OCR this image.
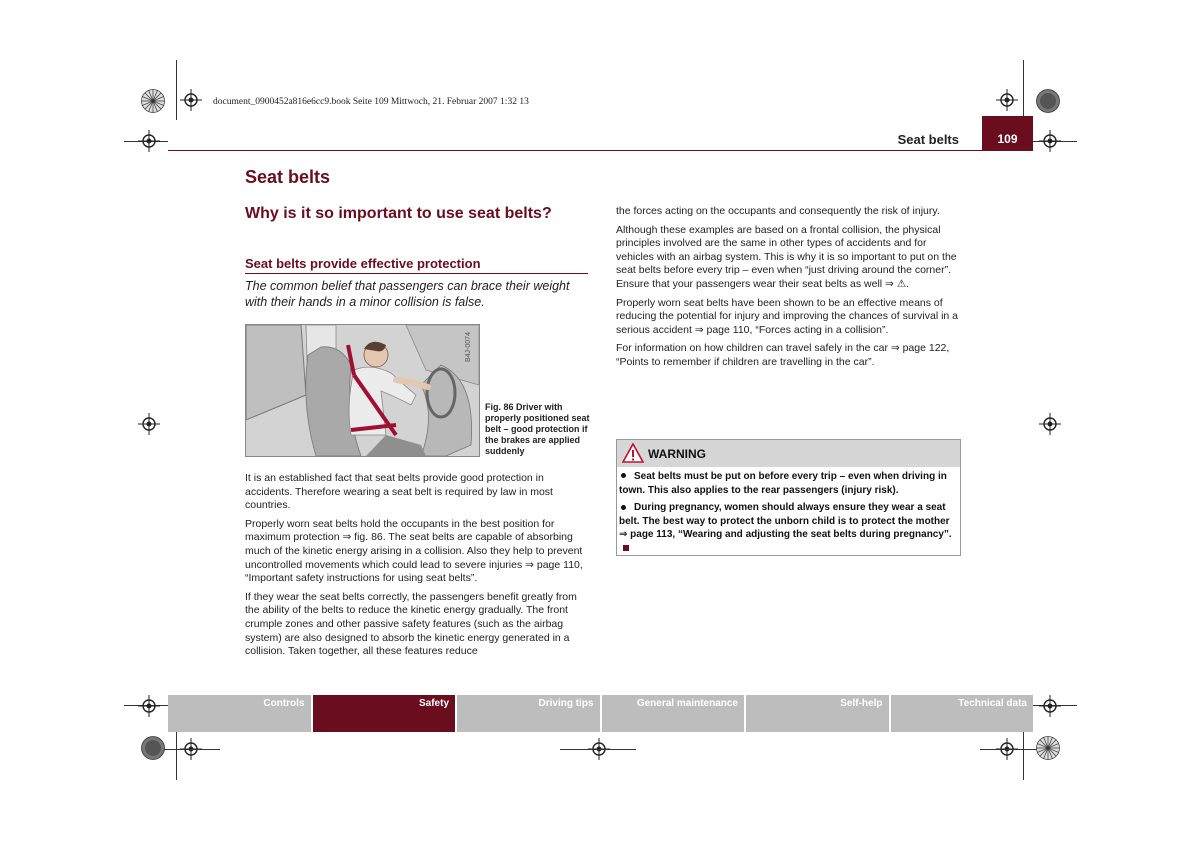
document_0900452a816e6cc9.book Seite 109 Mittwoch, 21. Februar 2007 1:32 13
Seat belts	109
Seat belts
Why is it so important to use seat belts?
Seat belts provide effective protection
The common belief that passengers can brace their weight with their hands in a minor collision is false.
B4J-0074
Fig. 86 Driver with properly positioned seat belt – good protection if the brakes are applied suddenly

It is an established fact that seat belts provide good protection in accidents. Therefore wearing a seat belt is required by law in most countries.

Properly worn seat belts hold the occupants in the best position for maximum protection ⇒ fig. 86. The seat belts are capable of absorbing much of the kinetic energy arising in a collision. Also they help to prevent uncontrolled movements which could lead to severe injuries ⇒ page 110, “Important safety instructions for using seat belts”.

If they wear the seat belts correctly, the passengers benefit greatly from the ability of the belts to reduce the kinetic energy gradually. The front crumple zones and other passive safety features (such as the airbag system) are also designed to absorb the kinetic energy generated in a collision. Taken together, all these features reduce

the forces acting on the occupants and consequently the risk of injury.

Although these examples are based on a frontal collision, the physical principles involved are the same in other types of accidents and for vehicles with an airbag system. This is why it is so important to put on the seat belts before every trip – even when “just driving around the corner”. Ensure that your passengers wear their seat belts as well ⇒ ⚠.

Properly worn seat belts have been shown to be an effective means of reducing the potential for injury and improving the chances of survival in a serious accident ⇒ page 110, “Forces acting in a collision”.

For information on how children can travel safely in the car ⇒ page 122, “Points to remember if children are travelling in the car”.

WARNING

Seat belts must be put on before every trip – even when driving in town. This also applies to the rear passengers (injury risk).

During pregnancy, women should always ensure they wear a seat belt. The best way to protect the unborn child is to protect the mother ⇒ page 113, “Wearing and adjusting the seat belts during pregnancy”.

Controls	Safety	Driving tips	General maintenance	Self-help	Technical data
